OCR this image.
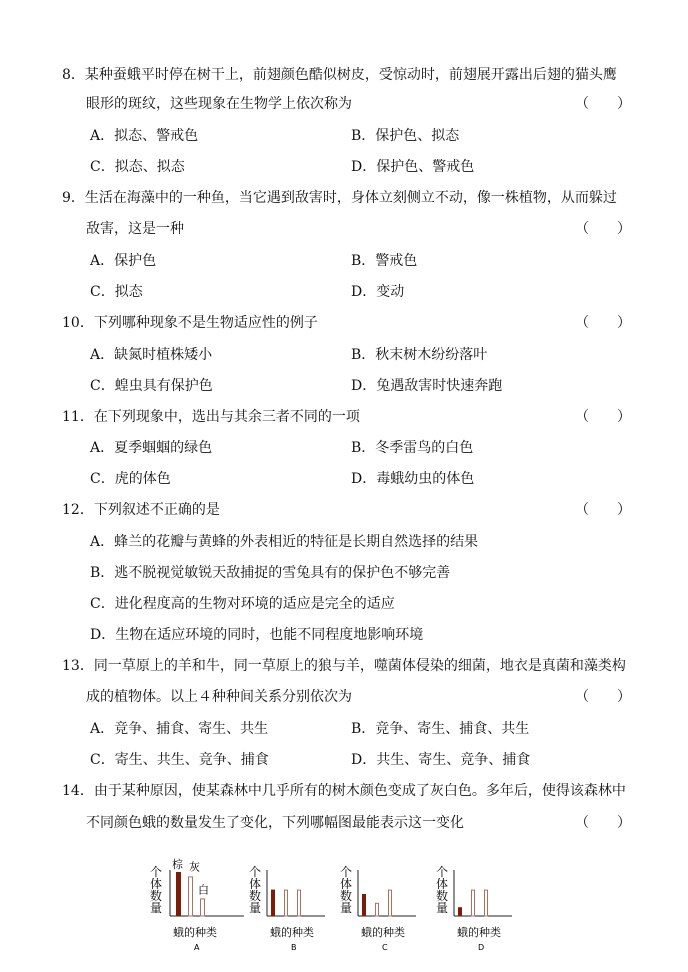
8．某种蚕蛾平时停在树干上，前翅颜色酷似树皮，受惊动时，前翅展开露出后翅的猫头鹰
眼形的斑纹，这些现象在生物学上依次称为	（　　）
A．拟态、警戒色	B．保护色、拟态
C．拟态、拟态	D．保护色、警戒色
9．生活在海藻中的一种鱼，当它遇到敌害时，身体立刻侧立不动，像一株植物，从而躲过
敌害，这是一种	（　　）
A．保护色	B．警戒色
C．拟态	D．变动
10．下列哪种现象不是生物适应性的例子	（　　）
A．缺氮时植株矮小	B．秋末树木纷纷落叶
C．蝗虫具有保护色	D．兔遇敌害时快速奔跑
11．在下列现象中，选出与其余三者不同的一项	（　　）
A．夏季蝈蝈的绿色	B．冬季雷鸟的白色
C．虎的体色	D．毒蛾幼虫的体色
12．下列叙述不正确的是	（　　）
A．蜂兰的花瓣与黄蜂的外表相近的特征是长期自然选择的结果
B．逃不脱视觉敏锐天敌捕捉的雪兔具有的保护色不够完善
C．进化程度高的生物对环境的适应是完全的适应
D．生物在适应环境的同时，也能不同程度地影响环境
13．同一草原上的羊和牛，同一草原上的狼与羊，噬菌体侵染的细菌，地衣是真菌和藻类构
成的植物体。以上４种种间关系分别依次为	（　　）
A．竞争、捕食、寄生、共生	B．竞争、寄生、捕食、共生
C．寄生、共生、竞争、捕食	D．共生、寄生、竞争、捕食
14．由于某种原因，使某森林中几乎所有的树木颜色变成了灰白色。多年后，使得该森林中
不同颜色蛾的数量发生了变化，下列哪幅图最能表示这一变化	（　　）
个
体
数
量
棕 灰
白
蛾的种类
A
个
体
数
量
蛾的种类
B
个
体
数
量
蛾的种类
C
个
体
数
量
蛾的种类
D
